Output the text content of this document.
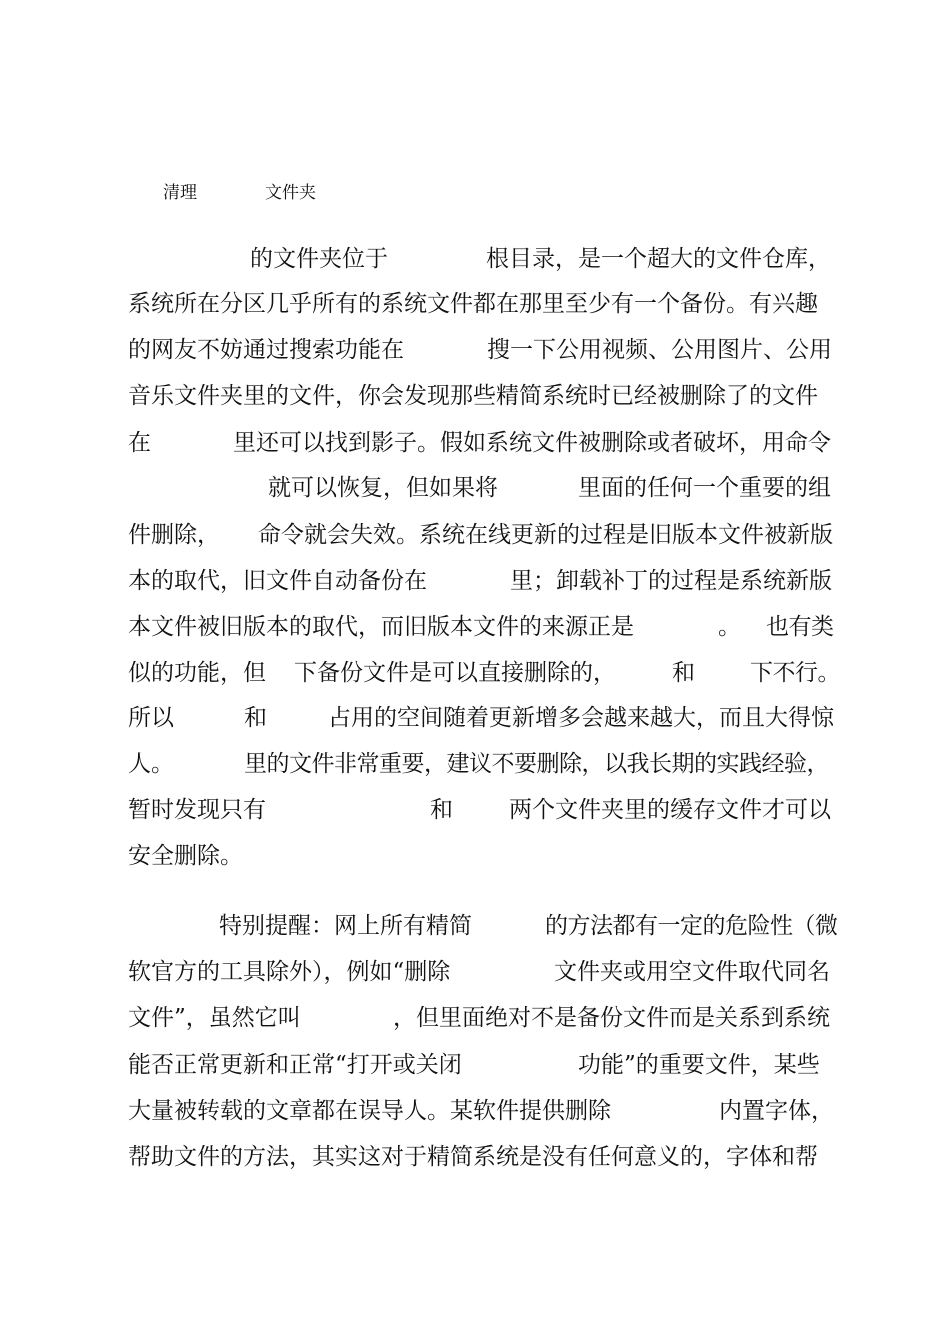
清理	文件夹
的文件夹位于	根目录，是一个超大的文件仓库，
系统所在分区几乎所有的系统文件都在那里至少有一个备份。有兴趣
的网友不妨通过搜索功能在	搜一下公用视频、公用图片、公用
音乐文件夹里的文件，你会发现那些精简系统时已经被删除了的文件
在	里还可以找到影子。假如系统文件被删除或者破坏，用命令
就可以恢复，但如果将	里面的任何一个重要的组
件删除， 命令就会失效。系统在线更新的过程是旧版本文件被新版
本的取代，旧文件自动备份在	里；卸载补丁的过程是系统新版
本文件被旧版本的取代，而旧版本文件的来源正是	。 也有类
似的功能，但 下备份文件是可以直接删除的， 和 下不行。
所以	和	占用的空间随着更新增多会越来越大，而且大得惊
人。	里的文件非常重要，建议不要删除，以我长期的实践经验，
暂时发现只有	和 两个文件夹里的缓存文件才可以
安全删除。
特别提醒：网上所有精简	的方法都有一定的危险性（微
软官方的工具除外），例如“删除	文件夹或用空文件取代同名
文件”，虽然它叫	，但里面绝对不是备份文件而是关系到系统
能否正常更新和正常“打开或关闭	功能”的重要文件，某些
大量被转载的文章都在误导人。某软件提供删除	内置字体，
帮助文件的方法，其实这对于精简系统是没有任何意义的，字体和帮
